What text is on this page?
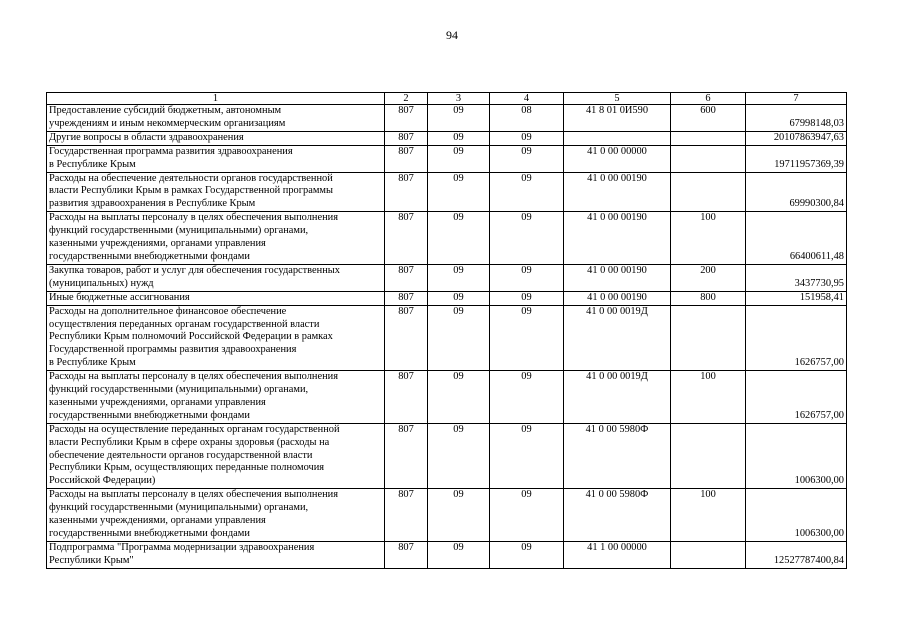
94
1	2	3	4	5	6	7
Предоставление субсидий бюджетным, автономным
учреждениям и иным некоммерческим организациям	807	09	08	41 8 01 0И590	600	67998148,03
Другие вопросы в области здравоохранения	807	09	09			20107863947,63
Государственная программа развития здравоохранения
в Республике Крым	807	09	09	41 0 00 00000		19711957369,39
Расходы на обеспечение деятельности органов государственной
власти Республики Крым в рамках Государственной программы
развития здравоохранения в Республике Крым	807	09	09	41 0 00 00190		69990300,84
Расходы на выплаты персоналу в целях обеспечения выполнения
функций государственными (муниципальными) органами,
казенными учреждениями, органами управления
государственными внебюджетными фондами	807	09	09	41 0 00 00190	100	66400611,48
Закупка товаров, работ и услуг для обеспечения государственных
(муниципальных) нужд	807	09	09	41 0 00 00190	200	3437730,95
Иные бюджетные ассигнования	807	09	09	41 0 00 00190	800	151958,41
Расходы на дополнительное финансовое обеспечение
осуществления переданных органам государственной власти
Республики Крым полномочий Российской Федерации в рамках
Государственной программы развития здравоохранения
в Республике Крым	807	09	09	41 0 00 0019Д		1626757,00
Расходы на выплаты персоналу в целях обеспечения выполнения
функций государственными (муниципальными) органами,
казенными учреждениями, органами управления
государственными внебюджетными фондами	807	09	09	41 0 00 0019Д	100	1626757,00
Расходы на осуществление переданных органам государственной
власти Республики Крым в сфере охраны здоровья (расходы на
обеспечение деятельности органов государственной власти
Республики Крым, осуществляющих переданные полномочия
Российской Федерации)	807	09	09	41 0 00 5980Ф		1006300,00
Расходы на выплаты персоналу в целях обеспечения выполнения
функций государственными (муниципальными) органами,
казенными учреждениями, органами управления
государственными внебюджетными фондами	807	09	09	41 0 00 5980Ф	100	1006300,00
Подпрограмма "Программа модернизации здравоохранения
Республики Крым"	807	09	09	41 1 00 00000		12527787400,84
